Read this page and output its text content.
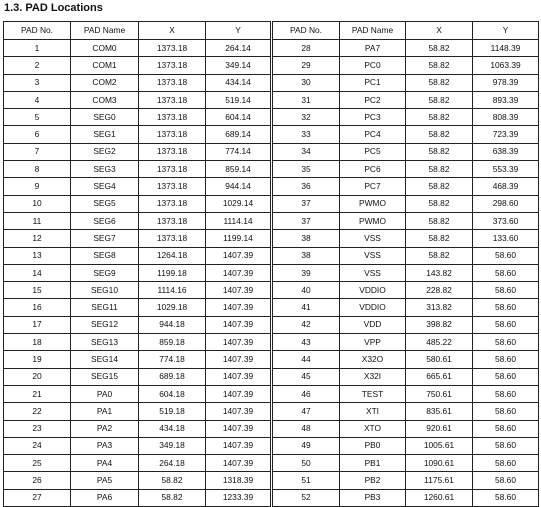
1.3. PAD Locations
PAD No.	PAD Name	X	Y	PAD No.	PAD Name	X	Y
1	COM0	1373.18	264.14	28	PA7	58.82	1148.39
2	COM1	1373.18	349.14	29	PC0	58.82	1063.39
3	COM2	1373.18	434.14	30	PC1	58.82	978.39
4	COM3	1373.18	519.14	31	PC2	58.82	893.39
5	SEG0	1373.18	604.14	32	PC3	58.82	808.39
6	SEG1	1373.18	689.14	33	PC4	58.82	723.39
7	SEG2	1373.18	774.14	34	PC5	58.82	638.39
8	SEG3	1373.18	859.14	35	PC6	58.82	553.39
9	SEG4	1373.18	944.14	36	PC7	58.82	468.39
10	SEG5	1373.18	1029.14	37	PWMO	58.82	298.60
11	SEG6	1373.18	1114.14	37	PWMO	58.82	373.60
12	SEG7	1373.18	1199.14	38	VSS	58.82	133.60
13	SEG8	1264.18	1407.39	38	VSS	58.82	58.60
14	SEG9	1199.18	1407.39	39	VSS	143.82	58.60
15	SEG10	1114.16	1407.39	40	VDDIO	228.82	58.60
16	SEG11	1029.18	1407.39	41	VDDIO	313.82	58.60
17	SEG12	944.18	1407.39	42	VDD	398.82	58.60
18	SEG13	859.18	1407.39	43	VPP	485.22	58.60
19	SEG14	774.18	1407.39	44	X32O	580.61	58.60
20	SEG15	689.18	1407.39	45	X32I	665.61	58.60
21	PA0	604.18	1407.39	46	TEST	750.61	58.60
22	PA1	519.18	1407.39	47	XTI	835.61	58.60
23	PA2	434.18	1407.39	48	XTO	920.61	58.60
24	PA3	349.18	1407.39	49	PB0	1005.61	58.60
25	PA4	264.18	1407.39	50	PB1	1090.61	58.60
26	PA5	58.82	1318.39	51	PB2	1175.61	58.60
27	PA6	58.82	1233.39	52	PB3	1260.61	58.60
